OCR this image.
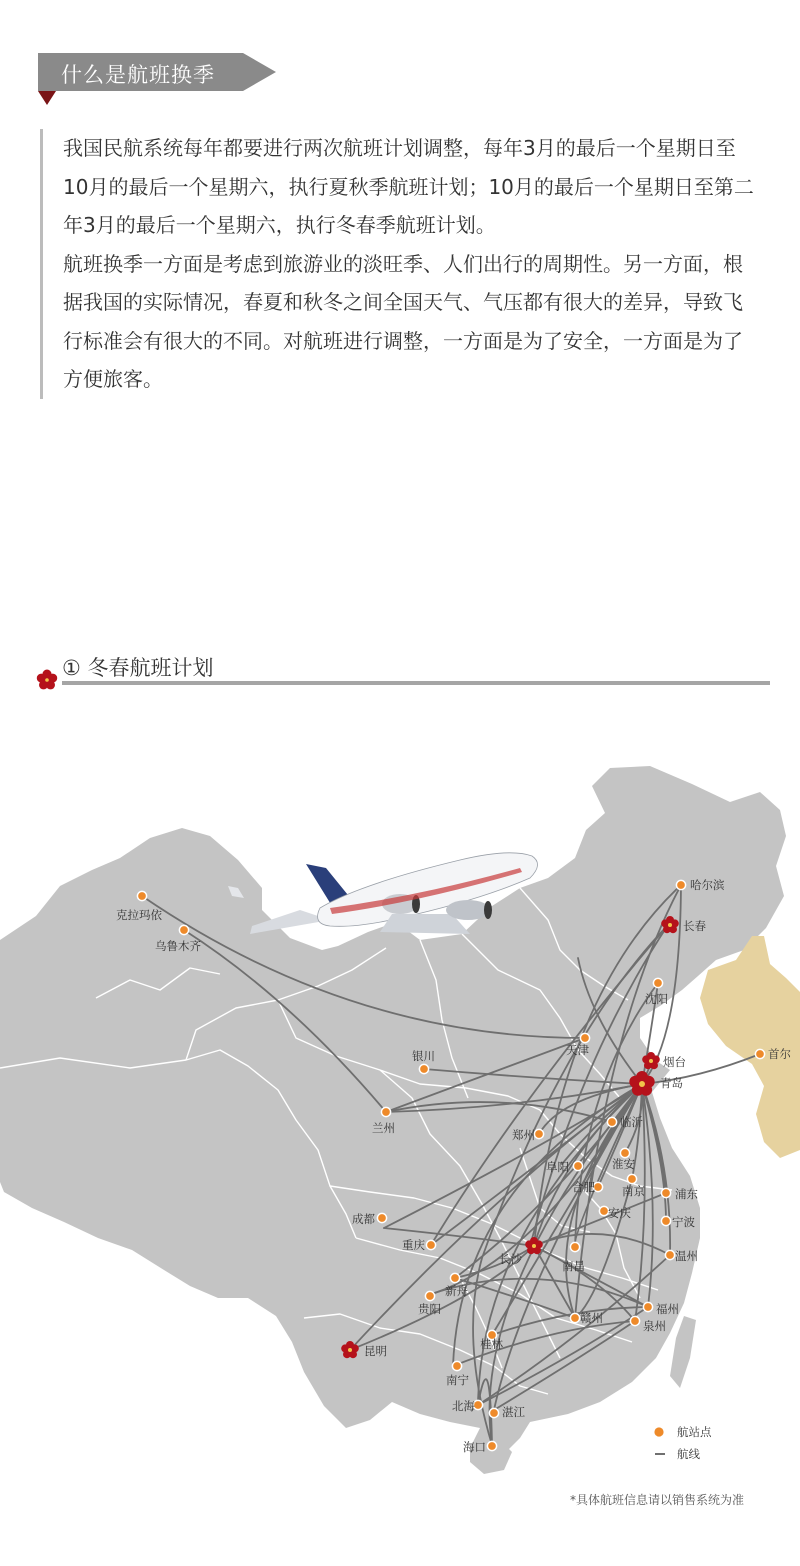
什么是航班换季

我国民航系统每年都要进行两次航班计划调整，每年3月的最后一个星期日至10月的最后一个星期六，执行夏秋季航班计划；10月的最后一个星期日至第二年3月的最后一个星期六，执行冬春季航班计划。

航班换季一方面是考虑到旅游业的淡旺季、人们出行的周期性。另一方面，根据我国的实际情况，春夏和秋冬之间全国天气、气压都有很大的差异，导致飞行标准会有很大的不同。对航班进行调整，一方面是为了安全，一方面是为了方便旅客。

① 冬春航班计划
克拉玛依
乌鲁木齐
哈尔滨
长春
沈阳
天津
银川	烟台
青岛
首尔
兰州	临沂
郑州
阜阳	淮安
合肥 南京	浦东
成都	安庆
宁波
重庆
长沙	南昌
温州
新舟
贵阳
赣州
福州
泉州
桂林
昆明
南宁
北海 湛江
海口
航站点
航线
*具体航班信息请以销售系统为准
